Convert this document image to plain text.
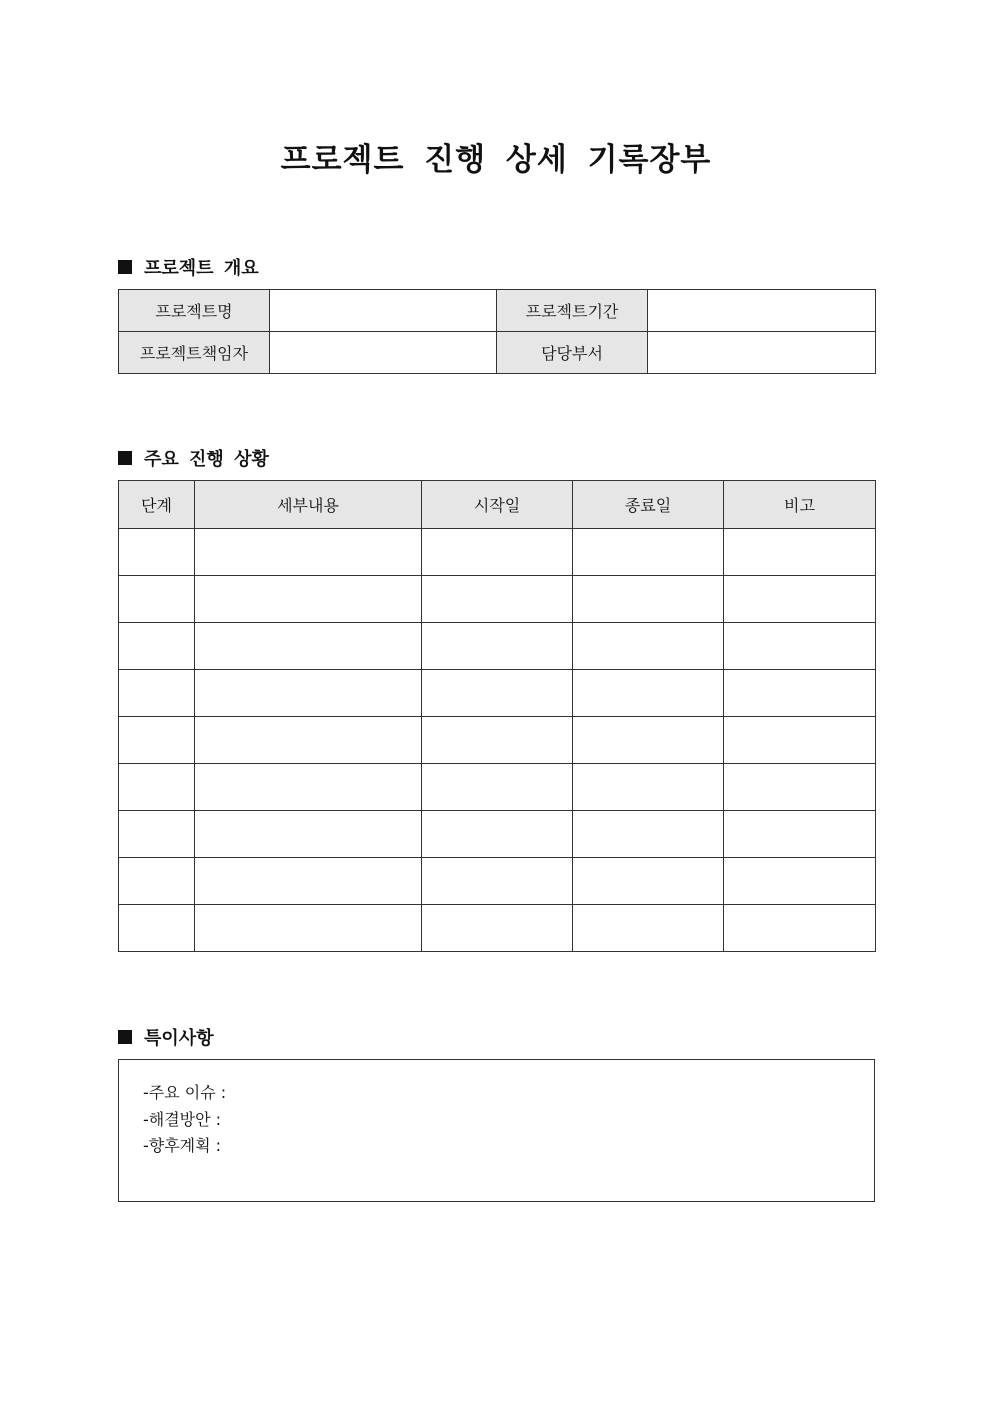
프로젝트 진행 상세 기록장부
프로젝트 개요
프로젝트명		프로젝트기간	
프로젝트책임자		담당부서	
주요 진행 상황
단계	세부내용	시작일	종료일	비고

특이사항
-주요 이슈 :
-해결방안 :
-향후계획 :
